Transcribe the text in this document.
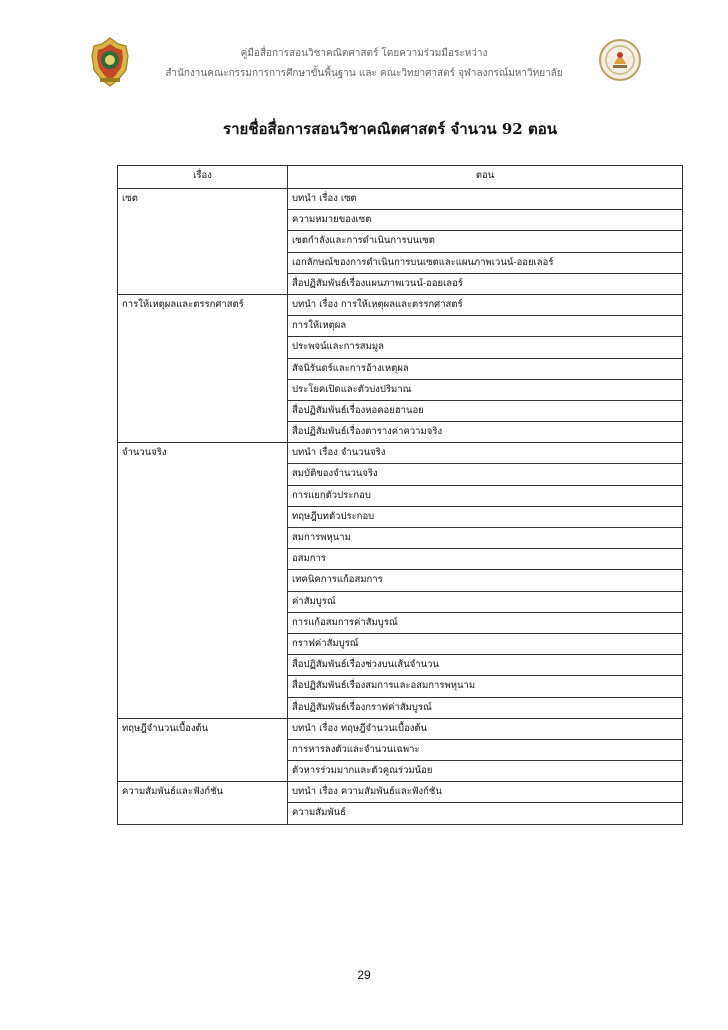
คู่มือสื่อการสอนวิชาคณิตศาสตร์ โดยความร่วมมือระหว่าง
สำนักงานคณะกรรมการการศึกษาขั้นพื้นฐาน และ คณะวิทยาศาสตร์ จุฬาลงกรณ์มหาวิทยาลัย
รายชื่อสื่อการสอนวิชาคณิตศาสตร์ จำนวน 92 ตอน
เรื่อง	ตอน
เซต	บทนำ เรื่อง เซต
	ความหมายของเซต
	เซตกำลังและการดำเนินการบนเซต
	เอกลักษณ์ของการดำเนินการบนเซตและแผนภาพเวนน์-ออยเลอร์
	สื่อปฏิสัมพันธ์เรื่องแผนภาพเวนน์-ออยเลอร์
การให้เหตุผลและตรรกศาสตร์	บทนำ เรื่อง การให้เหตุผลและตรรกศาสตร์
	การให้เหตุผล
	ประพจน์และการสมมูล
	สัจนิรันดร์และการอ้างเหตุผล
	ประโยคเปิดและตัวบ่งปริมาณ
	สื่อปฏิสัมพันธ์เรื่องหอคอยฮานอย
	สื่อปฏิสัมพันธ์เรื่องตารางค่าความจริง
จำนวนจริง	บทนำ เรื่อง จำนวนจริง
	สมบัติของจำนวนจริง
	การแยกตัวประกอบ
	ทฤษฎีบทตัวประกอบ
	สมการพหุนาม
	อสมการ
	เทคนิคการแก้อสมการ
	ค่าสัมบูรณ์
	การแก้อสมการค่าสัมบูรณ์
	กราฟค่าสัมบูรณ์
	สื่อปฏิสัมพันธ์เรื่องช่วงบนเส้นจำนวน
	สื่อปฏิสัมพันธ์เรื่องสมการและอสมการพหุนาม
	สื่อปฏิสัมพันธ์เรื่องกราฟค่าสัมบูรณ์
ทฤษฎีจำนวนเบื้องต้น	บทนำ เรื่อง ทฤษฎีจำนวนเบื้องต้น
	การหารลงตัวและจำนวนเฉพาะ
	ตัวหารร่วมมากและตัวคูณร่วมน้อย
ความสัมพันธ์และฟังก์ชัน	บทนำ เรื่อง ความสัมพันธ์และฟังก์ชัน
	ความสัมพันธ์
29
